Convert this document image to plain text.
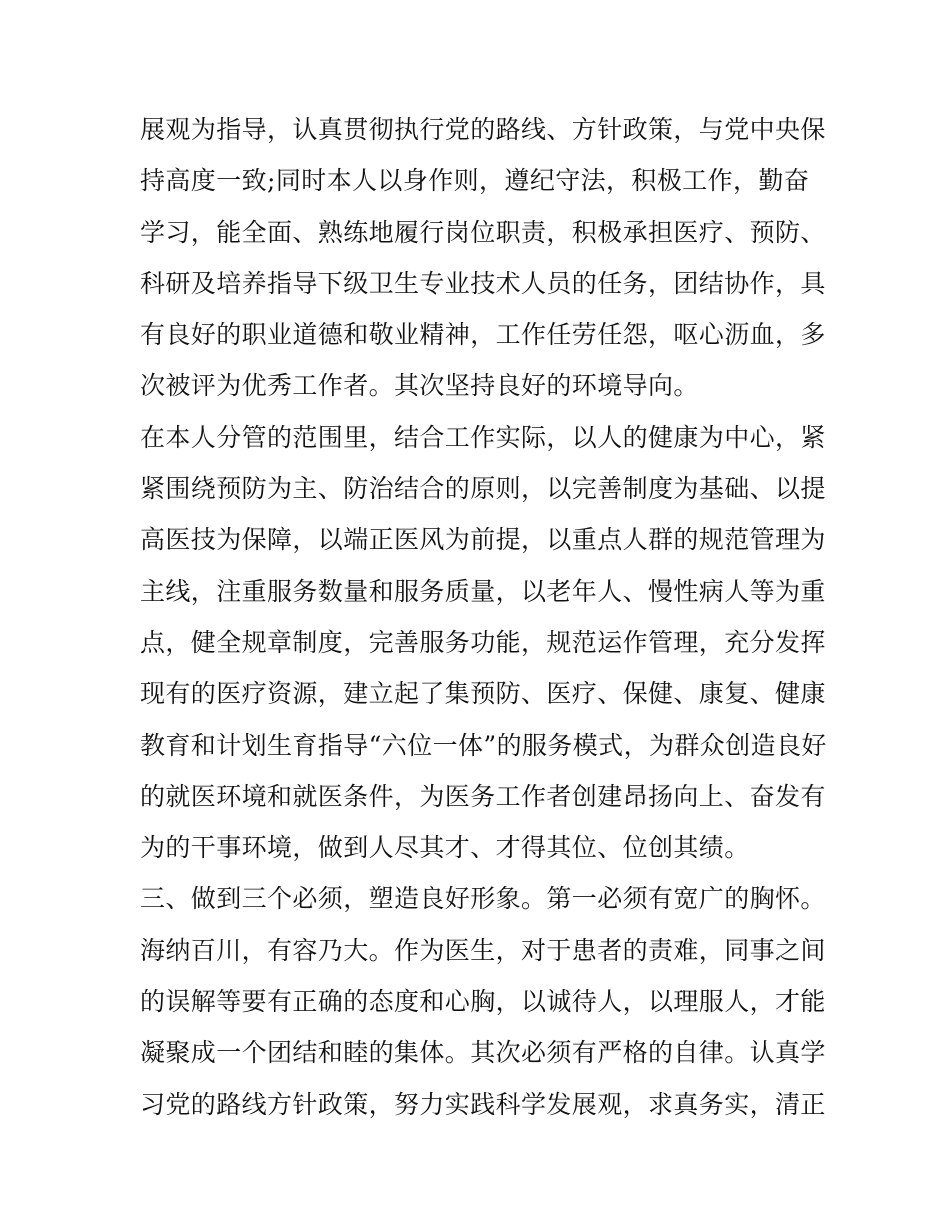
展观为指导，认真贯彻执行党的路线、方针政策，与党中央保
持高度一致;同时本人以身作则，遵纪守法，积极工作，勤奋
学习，能全面、熟练地履行岗位职责，积极承担医疗、预防、
科研及培养指导下级卫生专业技术人员的任务，团结协作，具
有良好的职业道德和敬业精神，工作任劳任怨，呕心沥血，多
次被评为优秀工作者。其次坚持良好的环境导向。
在本人分管的范围里，结合工作实际，以人的健康为中心，紧
紧围绕预防为主、防治结合的原则，以完善制度为基础、以提
高医技为保障，以端正医风为前提，以重点人群的规范管理为
主线，注重服务数量和服务质量，以老年人、慢性病人等为重
点，健全规章制度，完善服务功能，规范运作管理，充分发挥
现有的医疗资源，建立起了集预防、医疗、保健、康复、健康
教育和计划生育指导“六位一体”的服务模式，为群众创造良好
的就医环境和就医条件，为医务工作者创建昂扬向上、奋发有
为的干事环境，做到人尽其才、才得其位、位创其绩。
三、做到三个必须，塑造良好形象。第一必须有宽广的胸怀。
海纳百川，有容乃大。作为医生，对于患者的责难，同事之间
的误解等要有正确的态度和心胸，以诚待人，以理服人，才能
凝聚成一个团结和睦的集体。其次必须有严格的自律。认真学
习党的路线方针政策，努力实践科学发展观，求真务实，清正
